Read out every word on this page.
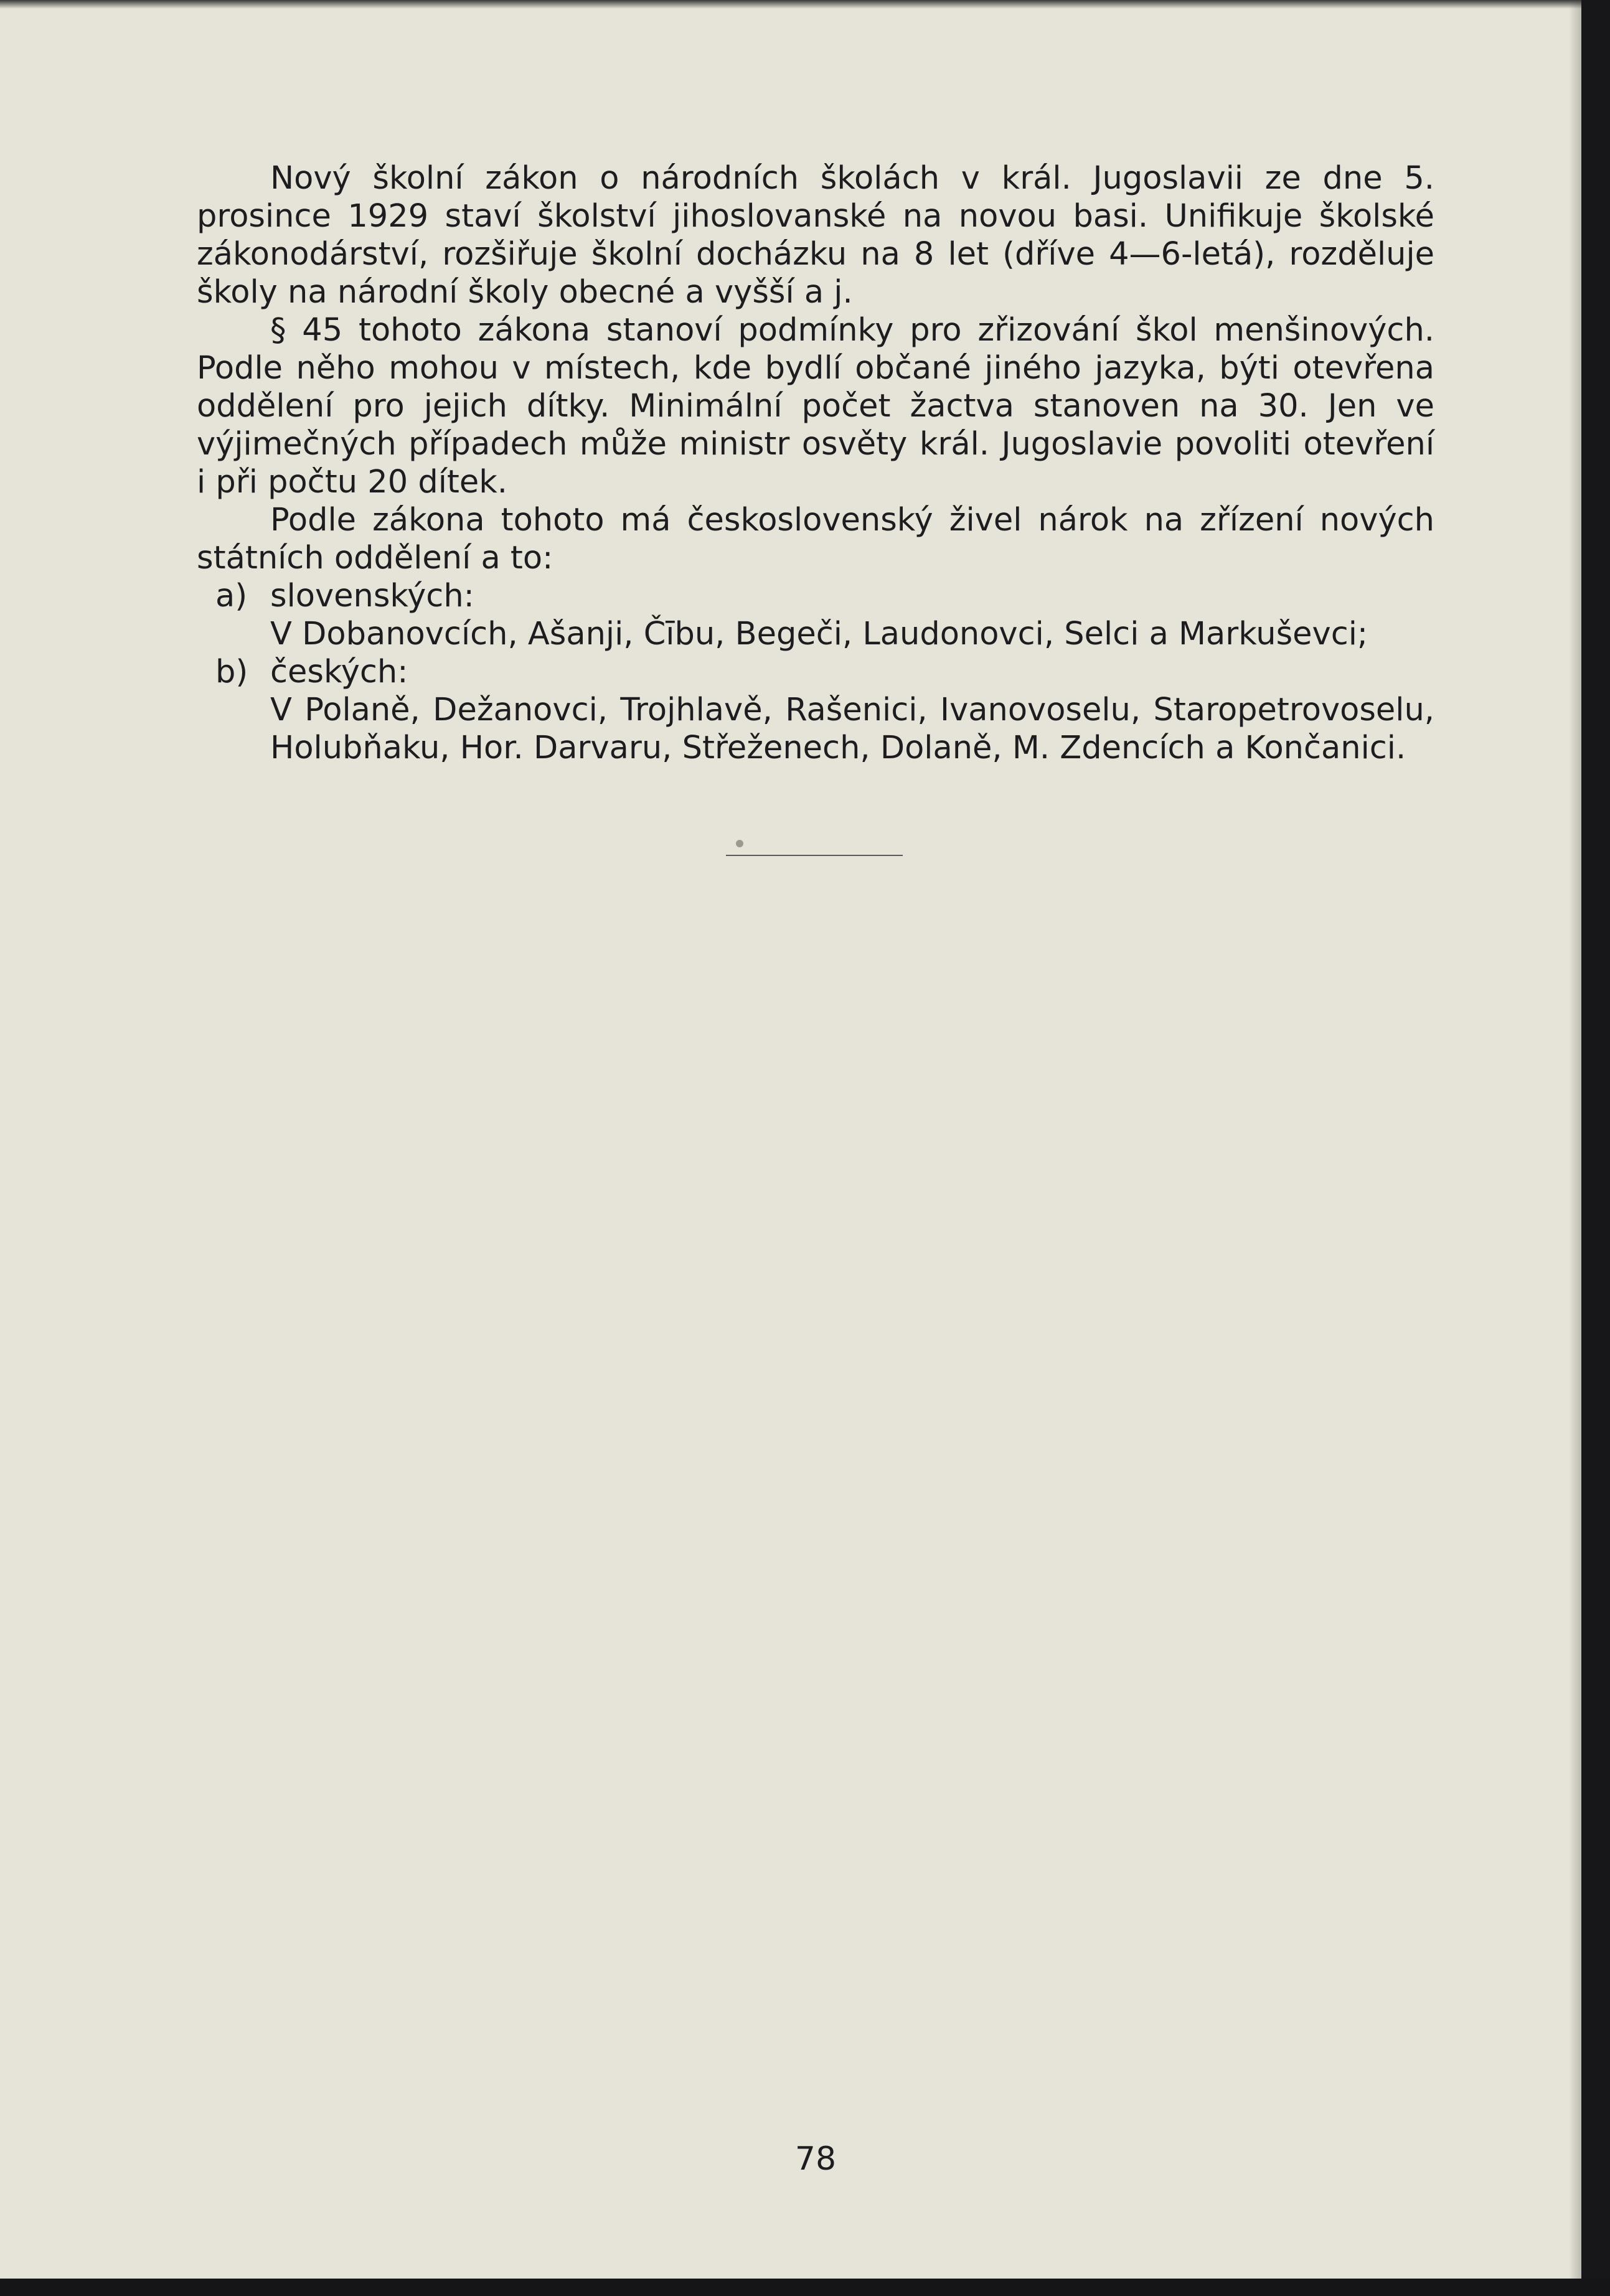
Nový školní zákon o národních školách v král. Jugoslavii ze dne 5. prosince 1929 staví školství jihoslovanské na novou basi. Unifikuje školské zákonodárství, rozšiřuje školní docházku na 8 let (dříve 4—6-letá), rozděluje školy na národní školy obecné a vyšší a j.

§ 45 tohoto zákona stanoví podmínky pro zřizování škol menšinových. Podle něho mohou v místech, kde bydlí občané jiného jazyka, býti otevřena oddělení pro jejich dítky. Minimální počet žactva stanoven na 30. Jen ve výjimečných případech může ministr osvěty král. Jugoslavie povoliti otevření i při počtu 20 dítek.

Podle zákona tohoto má československý živel nárok na zřízení nových státních oddělení a to:

a) slovenských:

V Dobanovcích, Ašanji, Čību, Begeči, Laudonovci, Selci a Markuševci;

b) českých:

V Polaně, Dežanovci, Trojhlavě, Rašenici, Ivanovoselu, Staropetrovoselu, Holubňaku, Hor. Darvaru, Střeženech, Dolaně, M. Zdencích a Končanici.

78
